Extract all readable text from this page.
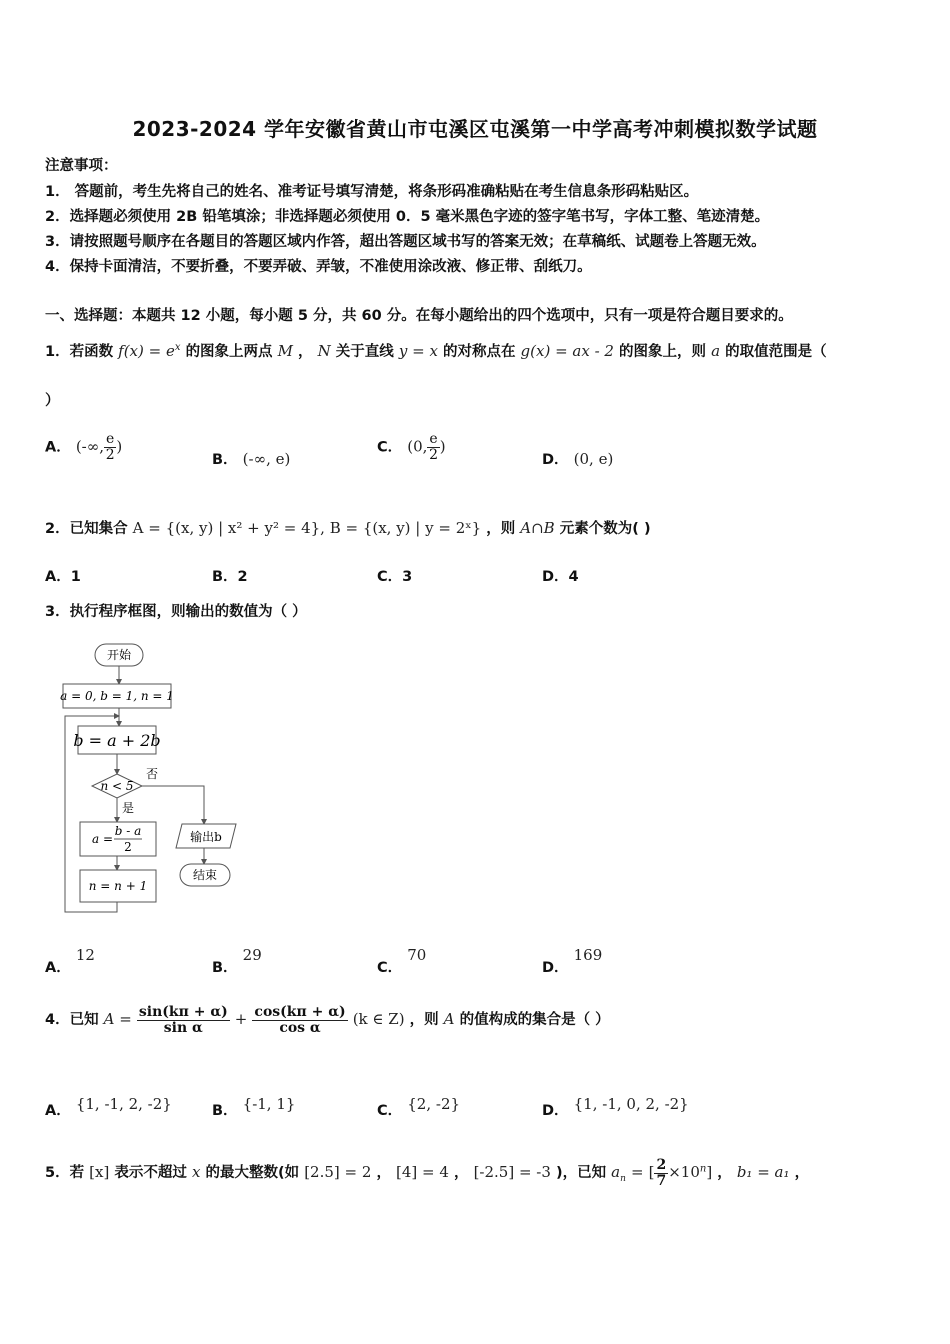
2023-2024 学年安徽省黄山市屯溪区屯溪第一中学高考冲刺模拟数学试题
注意事项：
1． 答题前，考生先将自己的姓名、准考证号填写清楚，将条形码准确粘贴在考生信息条形码粘贴区。
2．选择题必须使用 2B 铅笔填涂；非选择题必须使用 0．5 毫米黑色字迹的签字笔书写，字体工整、笔迹清楚。
3．请按照题号顺序在各题目的答题区域内作答，超出答题区域书写的答案无效；在草稿纸、试题卷上答题无效。
4．保持卡面清洁，不要折叠，不要弄破、弄皱，不准使用涂改液、修正带、刮纸刀。
一、选择题：本题共 12 小题，每小题 5 分，共 60 分。在每小题给出的四个选项中，只有一项是符合题目要求的。
1．若函数 $f(x) = e^x$ 的图象上两点 M ， N 关于直线 y = x 的对称点在 g(x) = ax - 2 的图象上，则 a 的取值范围是（
）
A． (-∞, $\frac{e}{2}$ )
B． (-∞, e)
C． (0, $\frac{e}{2}$ )
D． (0, e)
2．已知集合 A = {(x, y) | x² + y² = 4}, B = {(x, y) | y = 2ˣ} ，则 A∩B 元素个数为( )
A．1	B．2	C．3	D．4
3．执行程序框图，则输出的数值为（ ）
开始
a = 0, b = 1, n = 1
b = a + 2b
n < 5
否
是
a =
b - a
2
n = n + 1
输出b
结束
A． 12
B． 29
C． 70
D． 169
4．已知 $A = \frac{\sin(k\pi + \alpha)}{\text{sin α}} + \frac{\cos(k\pi + \alpha)}{\text{cos α}} (k$ ∈ Z) ，则 A 的值构成的集合是（ ）
A． {1, -1, 2, -2}	B． {-1, 1}	C． {2, -2}	D． {1, -1, 0, 2, -2}
5．若 [x] 表示不超过 x 的最大整数(如 [2.5] = 2 ， [4] = 4 ， [-2.5] = -3 )，已知 $a_n$ = [ $\frac{2}{7} \times 10^n$] ， b₁ = a₁ ，
